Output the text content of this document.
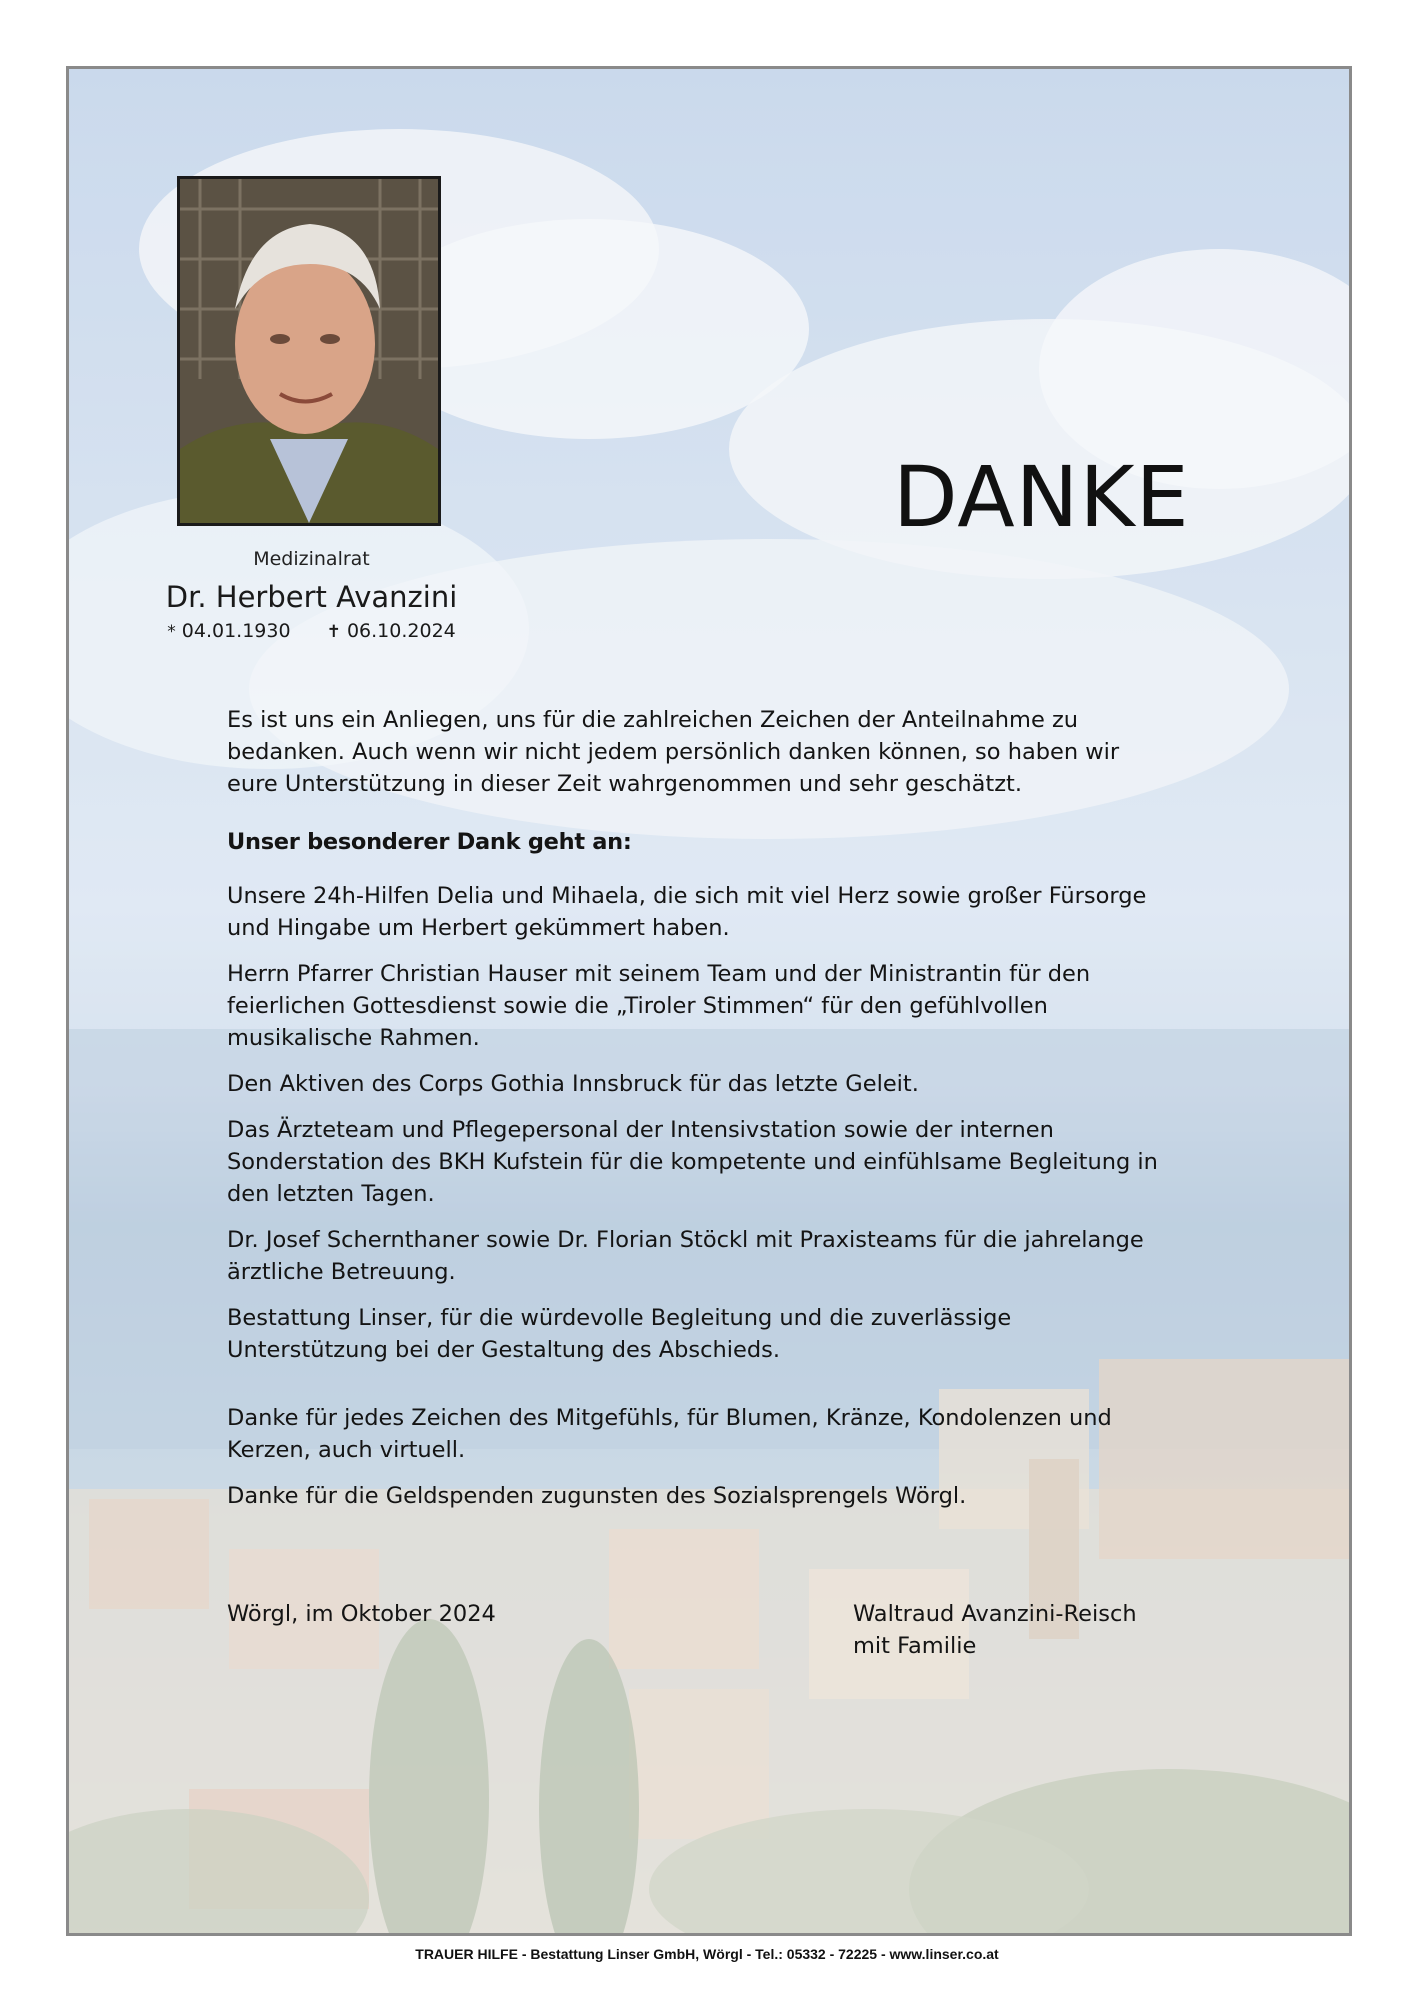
Medizinalrat
Dr. Herbert Avanzini
* 04.01.1930 ✝ 06.10.2024
DANKE

Es ist uns ein Anliegen, uns für die zahlreichen Zeichen der Anteilnahme zu bedanken. Auch wenn wir nicht jedem persönlich danken können, so haben wir eure Unterstützung in dieser Zeit wahrgenommen und sehr geschätzt.

Unser besonderer Dank geht an:

Unsere 24h-Hilfen Delia und Mihaela, die sich mit viel Herz sowie großer Fürsorge und Hingabe um Herbert gekümmert haben.

Herrn Pfarrer Christian Hauser mit seinem Team und der Ministrantin für den feierlichen Gottesdienst sowie die „Tiroler Stimmen“ für den gefühlvollen musikalische Rahmen.

Den Aktiven des Corps Gothia Innsbruck für das letzte Geleit.

Das Ärzteteam und Pflegepersonal der Intensivstation sowie der internen Sonderstation des BKH Kufstein für die kompetente und einfühlsame Begleitung in den letzten Tagen.

Dr. Josef Schernthaner sowie Dr. Florian Stöckl mit Praxisteams für die jahrelange ärztliche Betreuung.

Bestattung Linser, für die würdevolle Begleitung und die zuverlässige Unterstützung bei der Gestaltung des Abschieds.

Danke für jedes Zeichen des Mitgefühls, für Blumen, Kränze, Kondolenzen und Kerzen, auch virtuell.

Danke für die Geldspenden zugunsten des Sozialsprengels Wörgl.

Wörgl, im Oktober 2024	Waltraud Avanzini-Reisch
mit Familie
TRAUER HILFE - Bestattung Linser GmbH, Wörgl - Tel.: 05332 - 72225 - www.linser.co.at
